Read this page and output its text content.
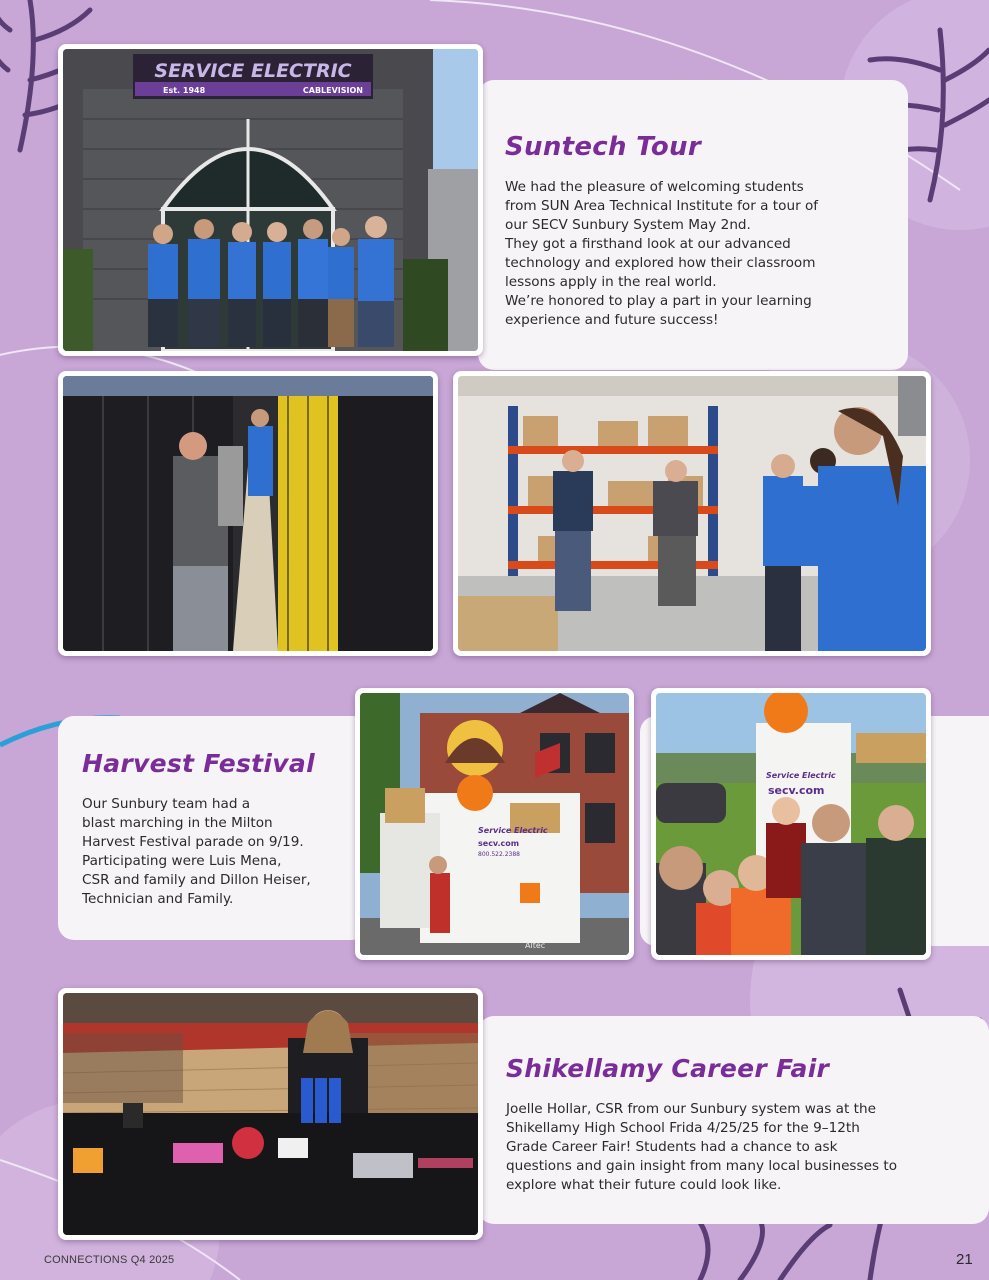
SERVICE ELECTRIC
Est. 1948	CABLEVISION
Service Electric
secv.com
800.522.2388
Altec
Service Electric
secv.com
Suntech Tour
We had the pleasure of welcoming students
from SUN Area Technical Institute for a tour of
our SECV Sunbury System May 2nd.
They got a firsthand look at our advanced
technology and explored how their classroom
lessons apply in the real world.
We’re honored to play a part in your learning
experience and future success!
Harvest Festival
Our Sunbury team had a
blast marching in the Milton
Harvest Festival parade on 9/19.
Participating were Luis Mena,
CSR and family and Dillon Heiser,
Technician and Family.
Shikellamy Career Fair
Joelle Hollar, CSR from our Sunbury system was at the
Shikellamy High School Frida 4/25/25 for the 9–12th
Grade Career Fair! Students had a chance to ask
questions and gain insight from many local businesses to
explore what their future could look like.
CONNECTIONS Q4 2025	21
